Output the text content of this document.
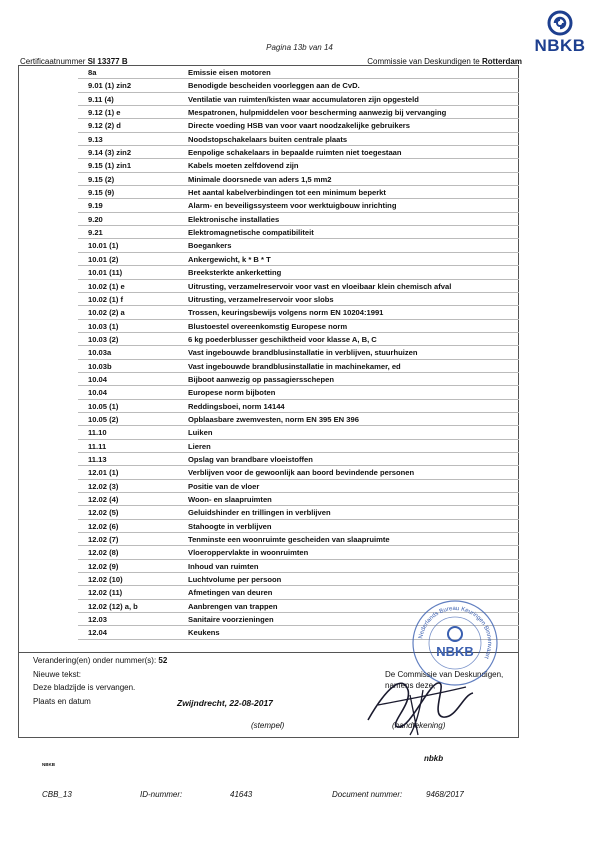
Pagina 13b van 14
Certificaatnummer SI 13377 B	Commissie van Deskundigen te Rotterdam
NBKB
8a	Emissie eisen motoren
9.01 (1) zin2	Benodigde bescheiden voorleggen aan de CvD.
9.11 (4)	Ventilatie van ruimten/kisten waar accumulatoren zijn opgesteld
9.12 (1) e	Mespatronen, hulpmiddelen voor bescherming aanwezig bij vervanging
9.12 (2) d	Directe voeding HSB van voor vaart noodzakelijke gebruikers
9.13	Noodstopschakelaars buiten centrale plaats
9.14 (3) zin2	Eenpolige schakelaars in bepaalde ruimten niet toegestaan
9.15 (1) zin1	Kabels moeten zelfdovend zijn
9.15 (2)	Minimale doorsnede van aders 1,5 mm2
9.15 (9)	Het aantal kabelverbindingen tot een minimum beperkt
9.19	Alarm- en beveiligssysteem voor werktuigbouw inrichting
9.20	Elektronische installaties
9.21	Elektromagnetische compatibiliteit
10.01 (1)	Boegankers
10.01 (2)	Ankergewicht, k * B * T
10.01 (11)	Breeksterkte ankerketting
10.02 (1) e	Uitrusting, verzamelreservoir voor vast en vloeibaar klein chemisch afval
10.02 (1) f	Uitrusting, verzamelreservoir voor slobs
10.02 (2) a	Trossen, keuringsbewijs volgens norm EN 10204:1991
10.03 (1)	Blustoestel overeenkomstig Europese norm
10.03 (2)	6 kg poederblusser geschiktheid voor klasse A, B, C
10.03a	Vast ingebouwde brandblusinstallatie in verblijven, stuurhuizen
10.03b	Vast ingebouwde brandblusinstallatie in machinekamer, ed
10.04	Bijboot aanwezig op passagiersschepen
10.04	Europese norm bijboten
10.05 (1)	Reddingsboei, norm 14144
10.05 (2)	Opblaasbare zwemvesten, norm EN 395 EN 396
11.10	Luiken
11.11	Lieren
11.13	Opslag van brandbare vloeistoffen
12.01 (1)	Verblijven voor de gewoonlijk aan boord bevindende personen
12.02 (3)	Positie van de vloer
12.02 (4)	Woon- en slaapruimten
12.02 (5)	Geluidshinder en trillingen in verblijven
12.02 (6)	Stahoogte in verblijven
12.02 (7)	Tenminste een woonruimte gescheiden van slaapruimte
12.02 (8)	Vloeroppervlakte in woonruimten
12.02 (9)	Inhoud van ruimten
12.02 (10)	Luchtvolume per persoon
12.02 (11)	Afmetingen van deuren
12.02 (12) a, b	Aanbrengen van trappen
12.03	Sanitaire voorzieningen
12.04	Keukens
Verandering(en) onder nummer(s): 52
Nieuwe tekst:
Deze bladzijde is vervangen.
Plaats en datum	Zwijndrecht, 22-08-2017
(stempel)
De Commissie van Deskundigen,
namens deze,
(handtekening)
Nederlands Bureau Keuringen Binnenvaart
NBKB
nbkb
NBKB
CBB_13	ID-nummer:	41643	Document nummer:	9468/2017
